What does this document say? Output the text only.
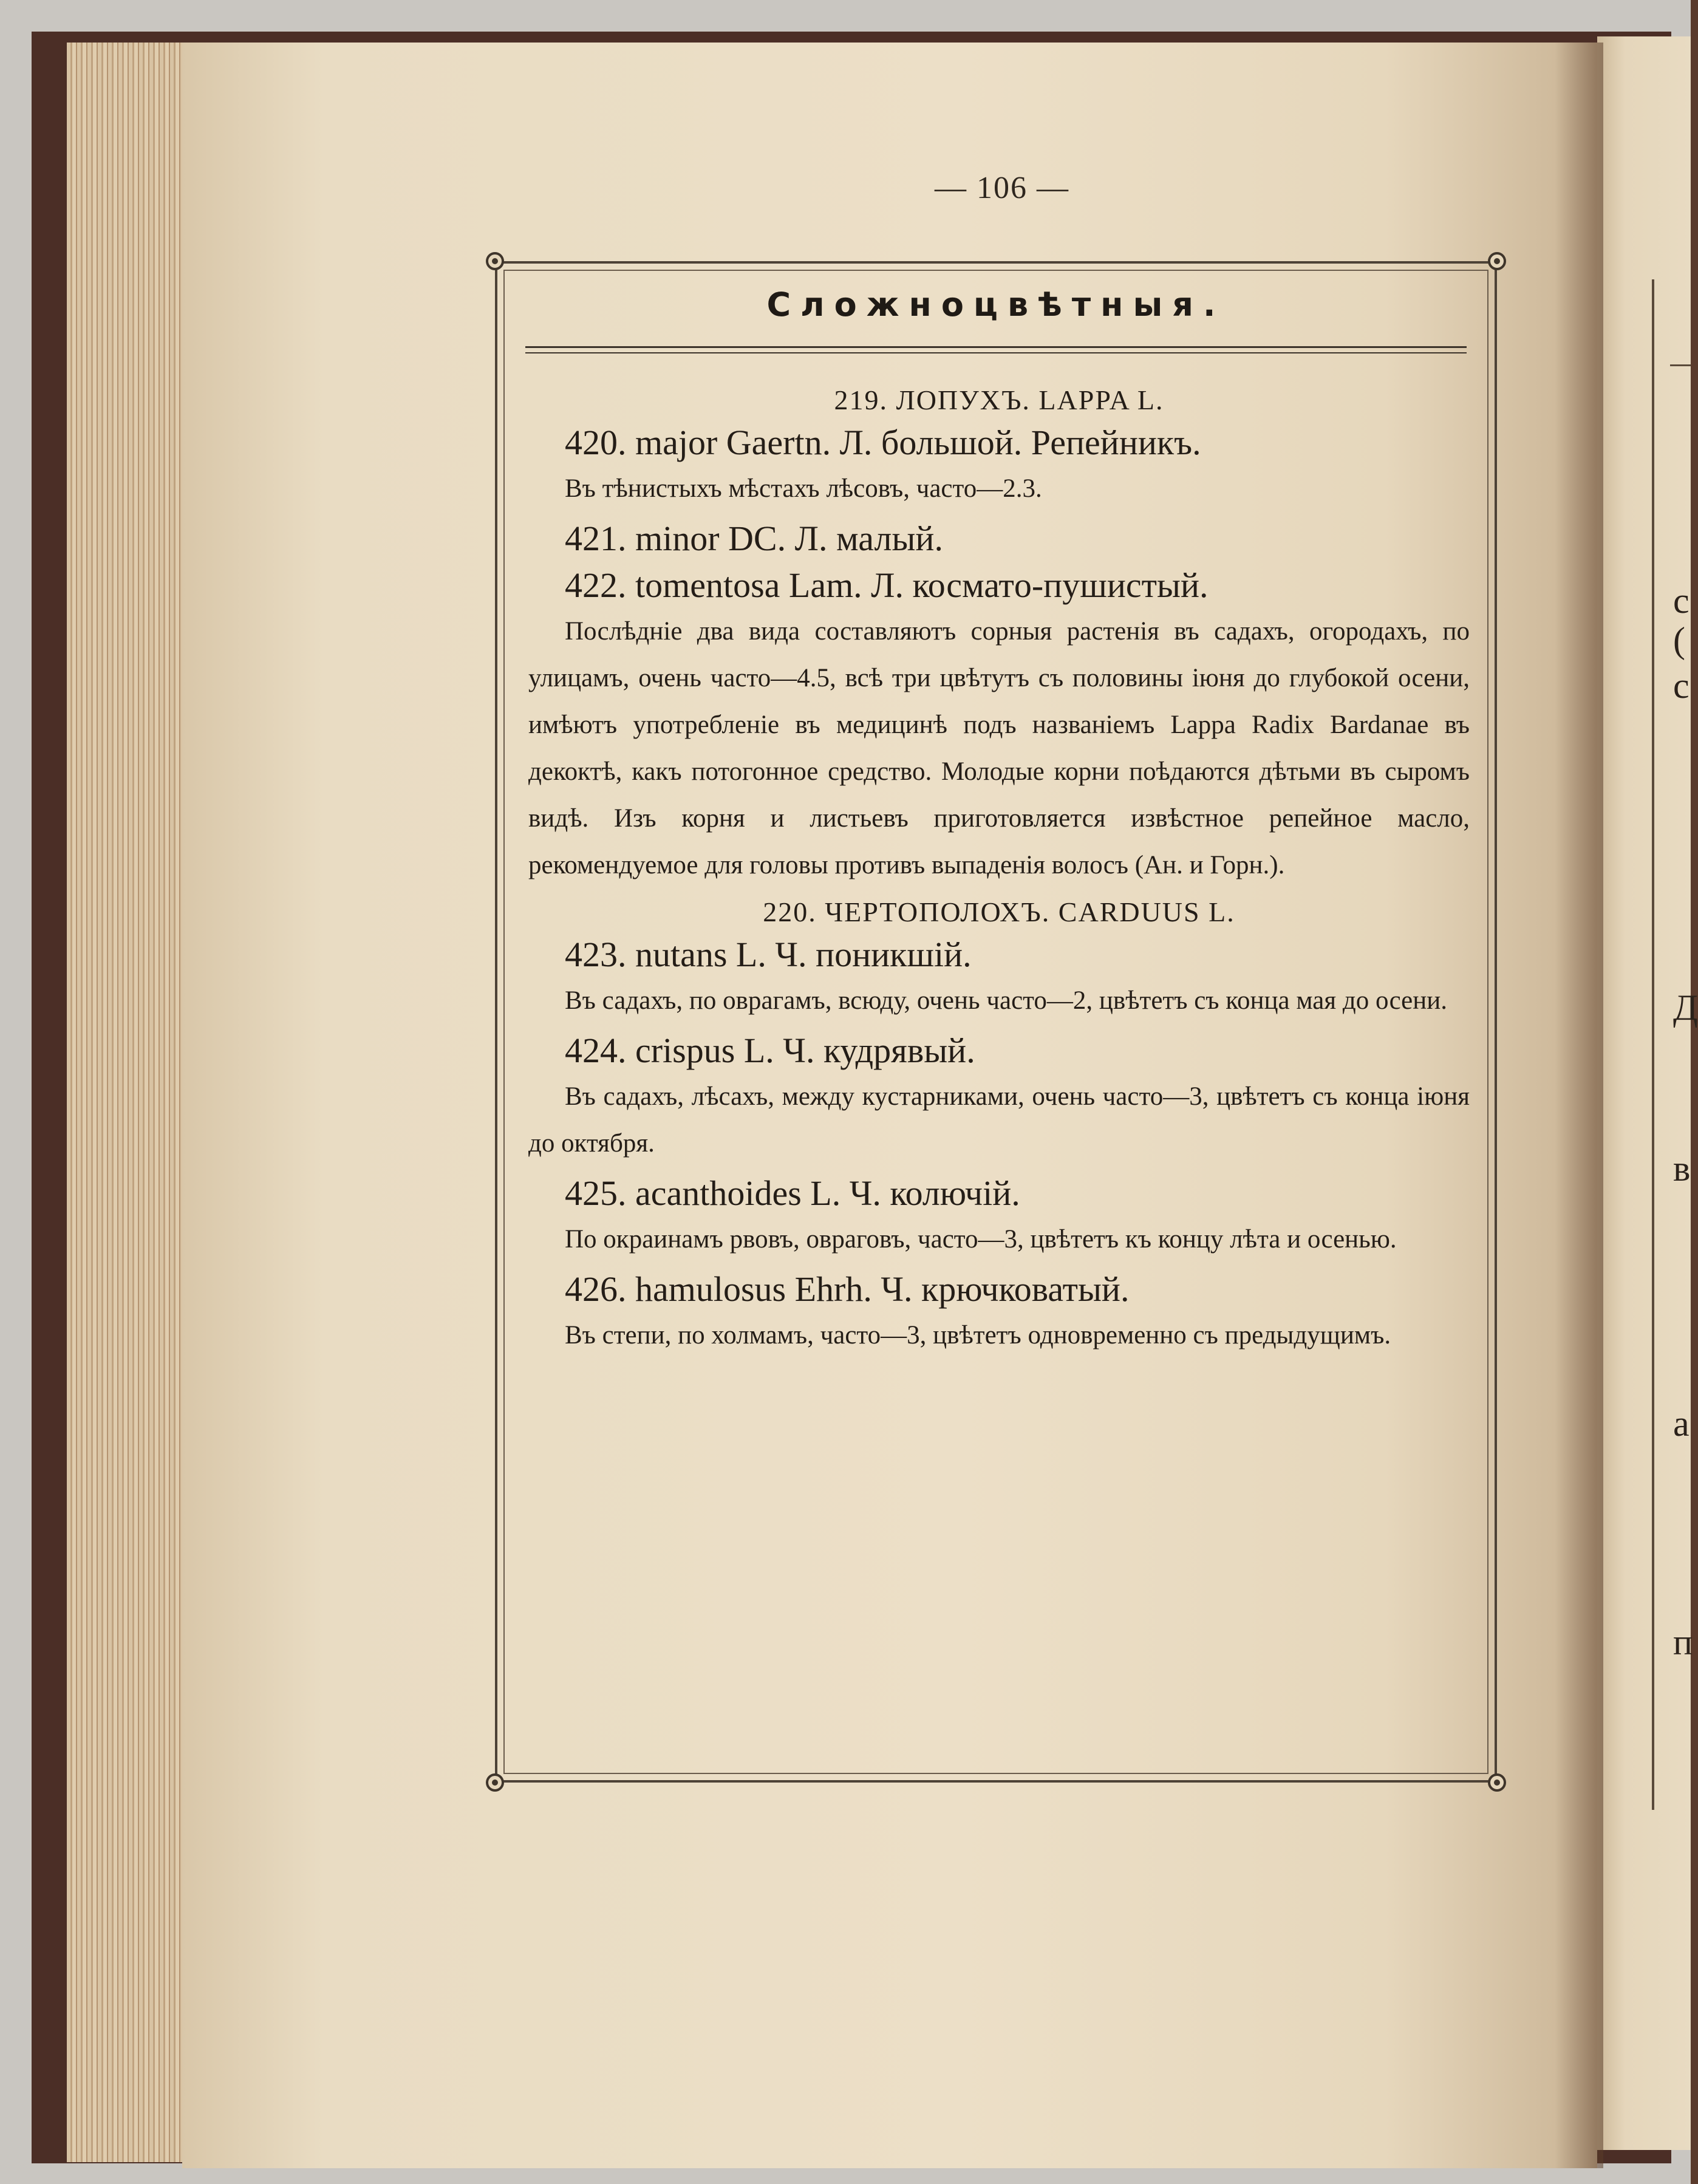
с
(
с
Д
в
а
п
— 106 —
Сложноцвѣтныя.
219. ЛОПУХЪ. LAPPA L.
420. major Gaertn. Л. большой. Репейникъ.
Въ тѣнистыхъ мѣстахъ лѣсовъ, часто—2.3.
421. minor DC. Л. малый.
422. tomentosa Lam. Л. косматo-пушистый.
Послѣдніе два вида составляютъ сорныя растенія въ садахъ, огородахъ, по улицамъ, очень часто—4.5, всѣ три цвѣтутъ съ половины іюня до глубокой осени, имѣютъ употребленіе въ медицинѣ подъ названіемъ Lappa Radix Bardanae въ декоктѣ, какъ потогонное средство. Молодые корни поѣдаются дѣтьми въ сыромъ видѣ. Изъ корня и листьевъ приготовляется извѣстное репейное масло, рекомендуемое для головы противъ выпаденія волосъ (Ан. и Горн.).
220. ЧЕРТОПОЛОХЪ. CARDUUS L.
423. nutans L. Ч. поникшій.
Въ садахъ, по оврагамъ, всюду, очень часто—2, цвѣтетъ съ конца мая до осени.
424. crispus L. Ч. кудрявый.
Въ садахъ, лѣсахъ, между кустарниками, очень часто—3, цвѣтетъ съ конца іюня до октября.
425. acanthoides L. Ч. колючій.
По окраинамъ рвовъ, овраговъ, часто—3, цвѣтетъ къ концу лѣта и осенью.
426. hamulosus Ehrh. Ч. крючковатый.
Въ степи, по холмамъ, часто—3, цвѣтетъ одновременно съ предыдущимъ.
